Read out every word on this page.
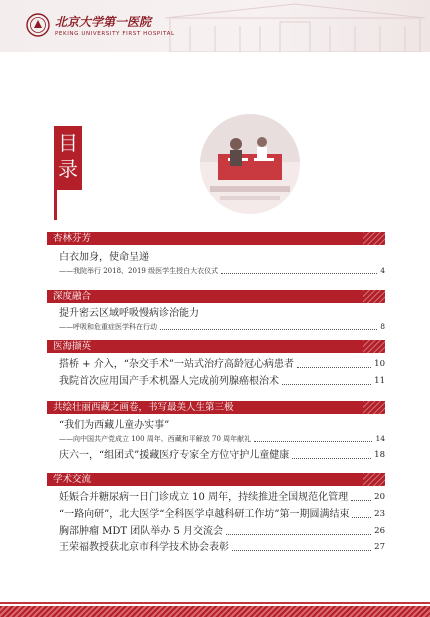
北京大学第一医院
PEKING UNIVERSITY FIRST HOSPITAL
目录
杏林芬芳
白衣加身，使命呈递
——我院举行 2018、2019 级医学生授白大衣仪式	4
深度融合
提升密云区域呼吸慢病诊治能力
——呼吸和危重症医学科在行动	8
医海撷英
搭桥 + 介入，“杂交手术”一站式治疗高龄冠心病患者	10
我院首次应用国产手术机器人完成前列腺癌根治术	11
共绘壮丽西藏之画卷，书写最美人生第三极
“我们为西藏儿童办实事”
——向中国共产党成立 100 周年、西藏和平解放 70 周年献礼	14
庆六一，“组团式”援藏医疗专家全方位守护儿童健康	18
学术交流
妊娠合并糖尿病一日门诊成立 10 周年，持续推进全国规范化管理	20
“一路向研”，北大医学“全科医学卓越科研工作坊”第一期圆满结束	23
胸部肿瘤 MDT 团队举办 5 月交流会	26
王荣福教授获北京市科学技术协会表彰	27
